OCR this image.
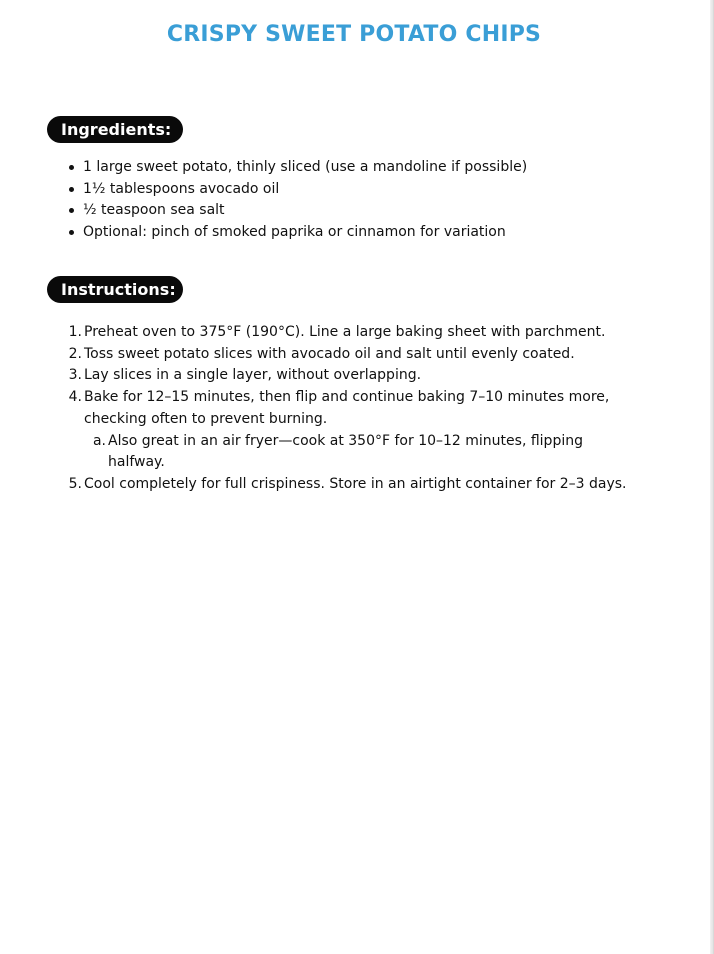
CRISPY SWEET POTATO CHIPS
Ingredients:
1 large sweet potato, thinly sliced (use a mandoline if possible)
1½ tablespoons avocado oil
½ teaspoon sea salt
Optional: pinch of smoked paprika or cinnamon for variation
Instructions:
1. Preheat oven to 375°F (190°C). Line a large baking sheet with parchment.
2. Toss sweet potato slices with avocado oil and salt until evenly coated.
3. Lay slices in a single layer, without overlapping.
4. Bake for 12–15 minutes, then flip and continue baking 7–10 minutes more, checking often to prevent burning.
a. Also great in an air fryer—cook at 350°F for 10–12 minutes, flipping halfway.
5. Cool completely for full crispiness. Store in an airtight container for 2–3 days.
